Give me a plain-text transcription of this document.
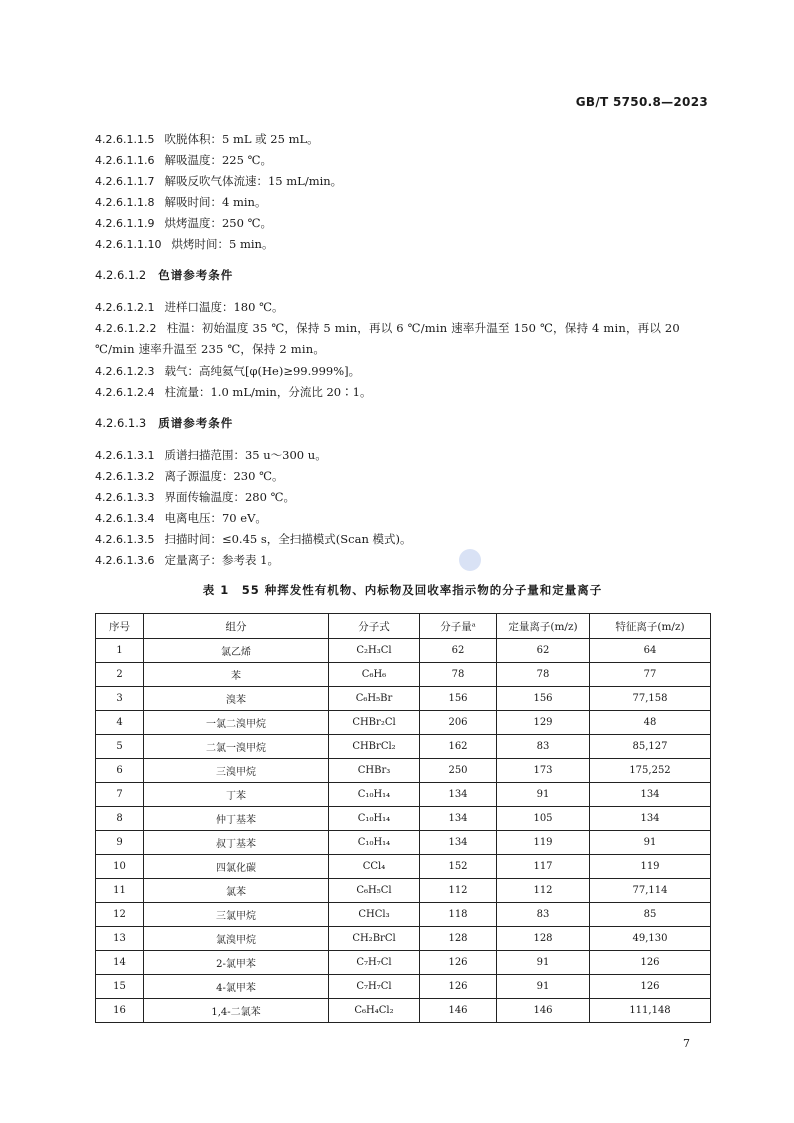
GB/T 5750.8—2023
4.2.6.1.1.5 吹脱体积：5 mL 或 25 mL。
4.2.6.1.1.6 解吸温度：225 ℃。
4.2.6.1.1.7 解吸反吹气体流速：15 mL/min。
4.2.6.1.1.8 解吸时间：4 min。
4.2.6.1.1.9 烘烤温度：250 ℃。
4.2.6.1.1.10 烘烤时间：5 min。
4.2.6.1.2 色谱参考条件
4.2.6.1.2.1 进样口温度：180 ℃。
4.2.6.1.2.2 柱温：初始温度 35 ℃，保持 5 min，再以 6 ℃/min 速率升温至 150 ℃，保持 4 min，再以 20 ℃/min 速率升温至 235 ℃，保持 2 min。
4.2.6.1.2.3 载气：高纯氦气[φ(He)≥99.999%]。
4.2.6.1.2.4 柱流量：1.0 mL/min，分流比 20∶1。
4.2.6.1.3 质谱参考条件
4.2.6.1.3.1 质谱扫描范围：35 u～300 u。
4.2.6.1.3.2 离子源温度：230 ℃。
4.2.6.1.3.3 界面传输温度：280 ℃。
4.2.6.1.3.4 电离电压：70 eV。
4.2.6.1.3.5 扫描时间：≤0.45 s，全扫描模式(Scan 模式)。
4.2.6.1.3.6 定量离子：参考表 1。
表 1　55 种挥发性有机物、内标物及回收率指示物的分子量和定量离子
序号	组分	分子式	分子量ᵃ	定量离子(m/z)	特征离子(m/z)
1	氯乙烯	C₂H₃Cl	62	62	64
2	苯	C₆H₆	78	78	77
3	溴苯	C₆H₅Br	156	156	77,158
4	一氯二溴甲烷	CHBr₂Cl	206	129	48
5	二氯一溴甲烷	CHBrCl₂	162	83	85,127
6	三溴甲烷	CHBr₃	250	173	175,252
7	丁苯	C₁₀H₁₄	134	91	134
8	仲丁基苯	C₁₀H₁₄	134	105	134
9	叔丁基苯	C₁₀H₁₄	134	119	91
10	四氯化碳	CCl₄	152	117	119
11	氯苯	C₆H₅Cl	112	112	77,114
12	三氯甲烷	CHCl₃	118	83	85
13	氯溴甲烷	CH₂BrCl	128	128	49,130
14	2-氯甲苯	C₇H₇Cl	126	91	126
15	4-氯甲苯	C₇H₇Cl	126	91	126
16	1,4-二氯苯	C₆H₄Cl₂	146	146	111,148
7
